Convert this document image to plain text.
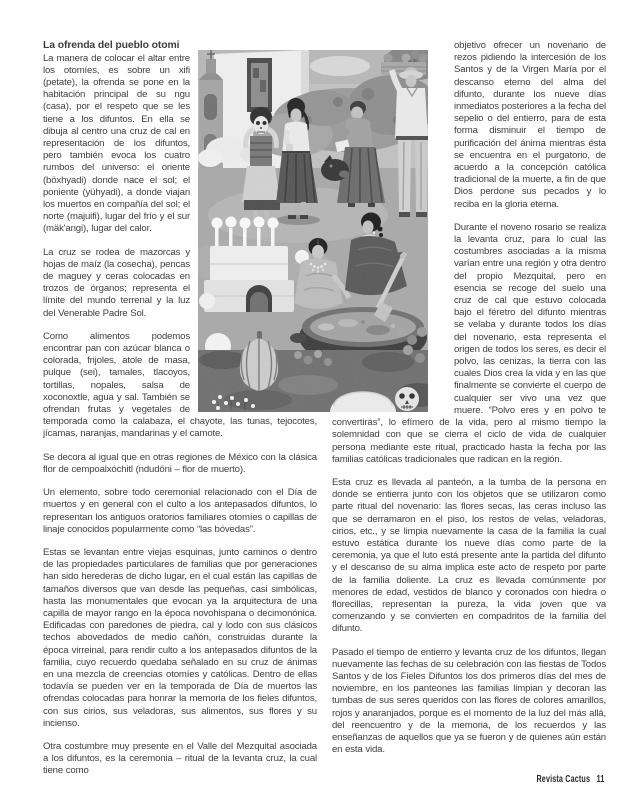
La ofrenda del pueblo otomi

La manera de colocar el altar entre los otomíes, es sobre un xifi (petate), la ofrenda se pone en la habitación principal de su ngu (casa), por el respeto que se les tiene a los difuntos. En ella se dibuja al centro una cruz de cal en representación de los difuntos, pero también evoca los cuatro rumbos del universo: el oriente (böxhyadi) donde nace el sol; el poniente (yühyadi), a donde viajan los muertos en compañía del sol; el norte (majuifi), lugar del frío y el sur (mäk'angi), lugar del calor.

La cruz se rodea de mazorcas y hojas de maíz (la cosecha), pencas de maguey y ceras colocadas en trozos de órganos; representa el límite del mundo terrenal y la luz del Venerable Padre Sol.

Como alimentos podemos encontrar pan con azúcar blanca o colorada, frijoles, atole de masa, pulque (sei), tamales, tlacoyos, tortillas, nopales, salsa de xoconoxtle, agua y sal. También se ofrendan frutas y vegetales de temporada como la calabaza, el chayote, las tunas, tejocotes, jícamas, naranjas, mandarinas y el camote.

Se decora al igual que en otras regiones de México con la clásica flor de cempoalxóchitl (ndudöni – flor de muerto).

Un elemento, sobre todo ceremonial relacionado con el Día de muertos y en general con el culto a los antepasados difuntos, lo representan los antiguos oratorios familiares otomíes o capillas de linaje conocidos popularmente como “las bóvedas”.

Estas se levantan entre viejas esquinas, junto caminos o dentro de las propiedades particulares de familias que por generaciones han sido herederas de dicho lugar, en el cual están las capillas de tamaños diversos que van desde las pequeñas, casi simbólicas, hasta las monumentales que evocan ya la arquitectura de una capilla de mayor rango en la época novohispana o decimonónica. Edificadas con paredones de piedra, cal y lodo con sus clásicos techos abovedados de medio cañón, construidas durante la época virreinal, para rendir culto a los antepasados difuntos de la familia, cuyo recuerdo quedaba señalado en su cruz de ánimas en una mezcla de creencias otomíes y católicas. Dentro de ellas todavía se pueden ver en la temporada de Día de muertos las ofrendas colocadas para honrar la memoria de los fieles difuntos, con sus cirios, sus veladoras, sus alimentos, sus flores y su incienso.

Otra costumbre muy presente en el Valle del Mezquital asociada a los difuntos, es la ceremonia – ritual de la levanta cruz, la cual tiene como

objetivo ofrecer un novenario de rezos pidiendo la intercesión de los Santos y de la Virgen María por el descanso eterno del alma del difunto, durante los nueve días inmediatos posteriores a la fecha del sepelio o del entierro, para de esta forma disminuir el tiempo de purificación del ánima mientras ésta se encuentra en el purgatorio, de acuerdo a la concepción católica tradicional de la muerte, a fin de que Dios perdone sus pecados y lo reciba en la gloria eterna.

Durante el noveno rosario se realiza la levanta cruz, para lo cual las costumbres asociadas a la misma varían entre una región y otra dentro del propio Mezquital, pero en esencia se recoge del suelo una cruz de cal que estuvo colocada bajo el féretro del difunto mientras se velaba y durante todos los días del novenario, esta representa el origen de todos los seres, es decir el polvo, las cenizas, la tierra con las cuales Dios crea la vida y en las que finalmente se convierte el cuerpo de cualquier ser vivo una vez que muere. “Polvo eres y en polvo te convertirás”, lo efímero de la vida, pero al mismo tiempo la solemnidad con que se cierra el ciclo de vida de cualquier persona mediante este ritual, practicado hasta la fecha por las familias católicas tradicionales que radican en la región.

Esta cruz es llevada al panteón, a la tumba de la persona en donde se entierra junto con los objetos que se utilizaron como parte ritual del novenario: las flores secas, las ceras incluso las que se derramaron en el piso, los restos de velas, veladoras, cirios, etc., y se limpia nuevamente la casa de la familia la cual estuvo estática durante los nueve días como parte de la ceremonia, ya que el luto está presente ante la partida del difunto y el descanso de su alma implica este acto de respeto por parte de la familia doliente. La cruz es llevada comúnmente por menores de edad, vestidos de blanco y coronados con hiedra o florecillas, representan la pureza, la vida joven que va comenzando y se convierten en compadritos de la familia del difunto.

Pasado el tiempo de entierro y levanta cruz de los difuntos, llegan nuevamente las fechas de su celebración con las fiestas de Todos Santos y de los Fieles Difuntos los dos primeros días del mes de noviembre, en los panteones las familias limpian y decoran las tumbas de sus seres queridos con las flores de colores amarillos, rojos y anaranjados, porque es el momento de la luz del más allá, del reencuentro y de la memoria, de los recuerdos y las enseñanzas de aquellos que ya se fueron y de quienes aún están en esta vida.

Revista Cactus 11
